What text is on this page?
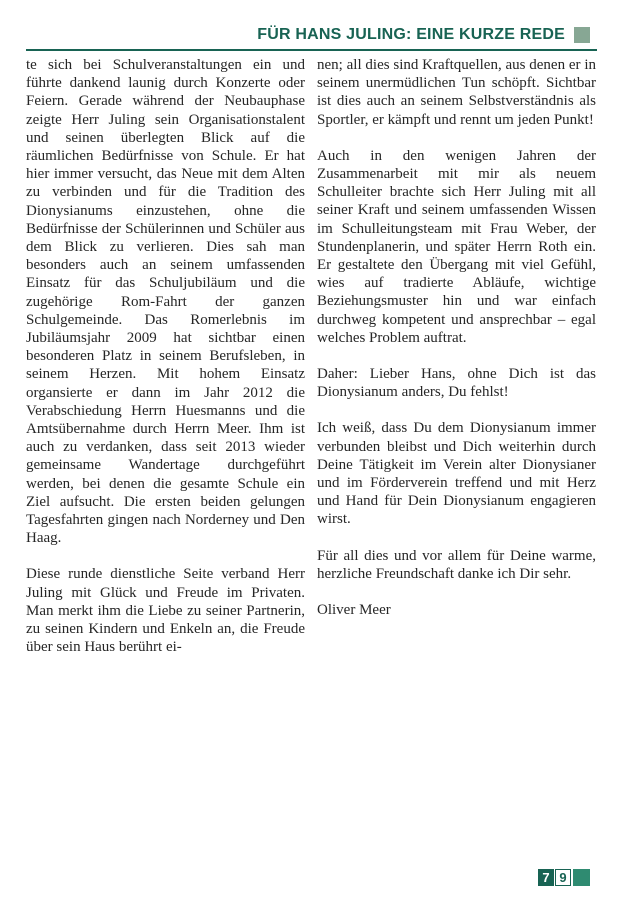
FÜR HANS JULING: EINE KURZE REDE

te sich bei Schulveranstaltungen ein und führte dankend launig durch Konzerte oder Feiern. Gerade während der Neubauphase zeigte Herr Juling sein Organisationstalent und seinen überlegten Blick auf die räumlichen Bedürfnisse von Schule. Er hat hier immer versucht, das Neue mit dem Alten zu verbinden und für die Tradition des Dionysianums einzustehen, ohne die Bedürfnisse der Schülerinnen und Schüler aus dem Blick zu verlieren. Dies sah man besonders auch an seinem umfassenden Einsatz für das Schuljubiläum und die zugehörige Rom-Fahrt der ganzen Schulgemeinde. Das Romerlebnis im Jubiläumsjahr 2009 hat sichtbar einen besonderen Platz in seinem Berufsleben, in seinem Herzen. Mit hohem Einsatz organsierte er dann im Jahr 2012 die Verabschiedung Herrn Huesmanns und die Amtsübernahme durch Herrn Meer. Ihm ist auch zu verdanken, dass seit 2013 wieder gemeinsame Wandertage durchgeführt werden, bei denen die gesamte Schule ein Ziel aufsucht. Die ersten beiden gelungen Tagesfahrten gingen nach Norderney und Den Haag.

Diese runde dienstliche Seite verband Herr Juling mit Glück und Freude im Privaten. Man merkt ihm die Liebe zu seiner Partnerin, zu seinen Kindern und Enkeln an, die Freude über sein Haus berührt ei-

nen; all dies sind Kraftquellen, aus denen er in seinem unermüdlichen Tun schöpft. Sichtbar ist dies auch an seinem Selbstverständnis als Sportler, er kämpft und rennt um jeden Punkt!

Auch in den wenigen Jahren der Zusammenarbeit mit mir als neuem Schulleiter brachte sich Herr Juling mit all seiner Kraft und seinem umfassenden Wissen im Schulleitungsteam mit Frau Weber, der Stundenplanerin, und später Herrn Roth ein. Er gestaltete den Übergang mit viel Gefühl, wies auf tradierte Abläufe, wichtige Beziehungsmuster hin und war einfach durchweg kompetent und ansprechbar – egal welches Problem auftrat.

Daher: Lieber Hans, ohne Dich ist das Dionysianum anders, Du fehlst!

Ich weiß, dass Du dem Dionysianum immer verbunden bleibst und Dich weiterhin durch Deine Tätigkeit im Verein alter Dionysianer und im Förderverein treffend und mit Herz und Hand für Dein Dionysianum engagieren wirst.

Für all dies und vor allem für Deine warme, herzliche Freundschaft danke ich Dir sehr.

Oliver Meer

7 9
